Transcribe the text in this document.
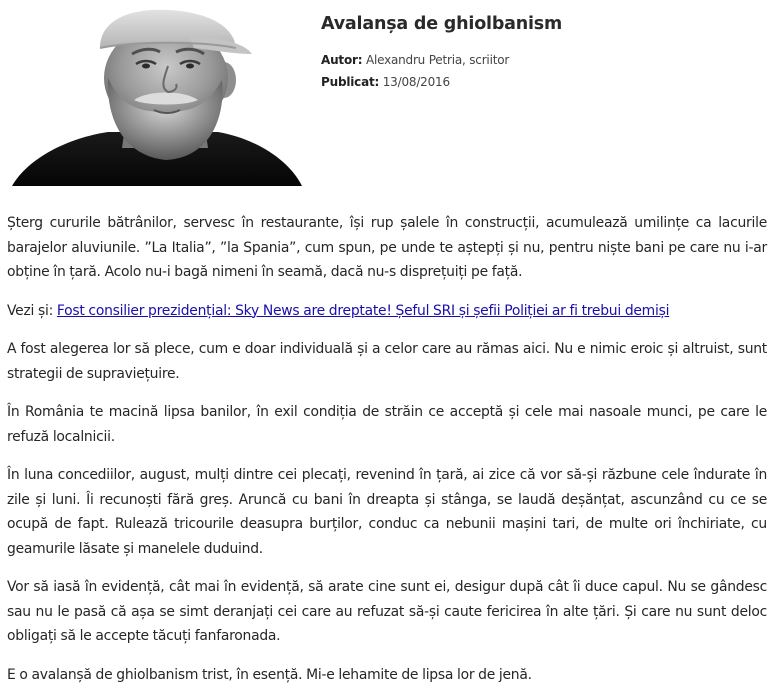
Avalanșa de ghiolbanism
Autor: Alexandru Petria, scriitor
Publicat: 13/08/2016

Șterg cururile bătrânilor, servesc în restaurante, își rup șalele în construcții, acumulează umilințe ca lacurile barajelor aluviunile. ”La Italia”, ”la Spania”, cum spun, pe unde te aștepți și nu, pentru niște bani pe care nu i-ar obține în țară. Acolo nu-i bagă nimeni în seamă, dacă nu-s disprețuiți pe față.

Vezi și: Fost consilier prezidențial: Sky News are dreptate! Șeful SRI și șefii Poliției ar fi trebui demiși

A fost alegerea lor să plece, cum e doar individuală și a celor care au rămas aici. Nu e nimic eroic și altruist, sunt strategii de supraviețuire.

În România te macină lipsa banilor, în exil condiția de străin ce acceptă și cele mai nasoale munci, pe care le refuză localnicii.

În luna concediilor, august, mulți dintre cei plecați, revenind în țară, ai zice că vor să-și răzbune cele îndurate în zile și luni. Îi recunoști fără greș. Aruncă cu bani în dreapta și stânga, se laudă deșănțat, ascunzând cu ce se ocupă de fapt. Rulează tricourile deasupra burților, conduc ca nebunii mașini tari, de multe ori închiriate, cu geamurile lăsate și manelele duduind.

Vor să iasă în evidență, cât mai în evidență, să arate cine sunt ei, desigur după cât îi duce capul. Nu se gândesc sau nu le pasă că așa se simt deranjați cei care au refuzat să-și caute fericirea în alte țări. Și care nu sunt deloc obligați să le accepte tăcuți fanfaronada.

E o avalanșă de ghiolbanism trist, în esență. Mi-e lehamite de lipsa lor de jenă.
